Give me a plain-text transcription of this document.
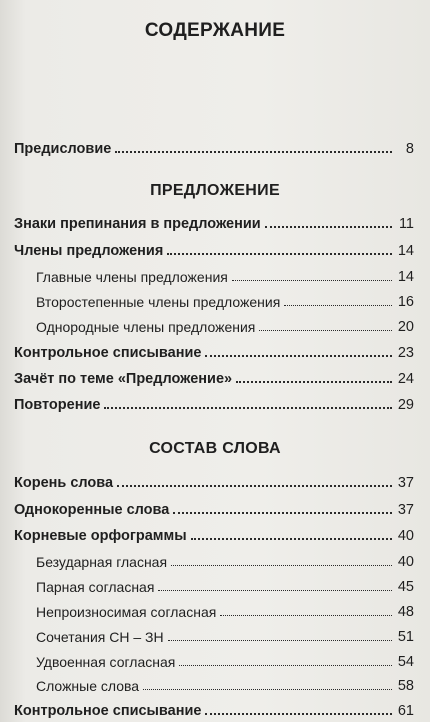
СОДЕРЖАНИЕ
Предисловие	8
ПРЕДЛОЖЕНИЕ
Знаки препинания в предложении	11
Члены предложения	14
Главные члены предложения	14
Второстепенные члены предложения	16
Однородные члены предложения	20
Контрольное списывание	23
Зачёт по теме «Предложение»	24
Повторение	29
СОСТАВ СЛОВА
Корень слова	37
Однокоренные слова	37
Корневые орфограммы	40
Безударная гласная	40
Парная согласная	45
Непроизносимая согласная	48
Сочетания СН – ЗН	51
Удвоенная согласная	54
Сложные слова	58
Контрольное списывание	61
